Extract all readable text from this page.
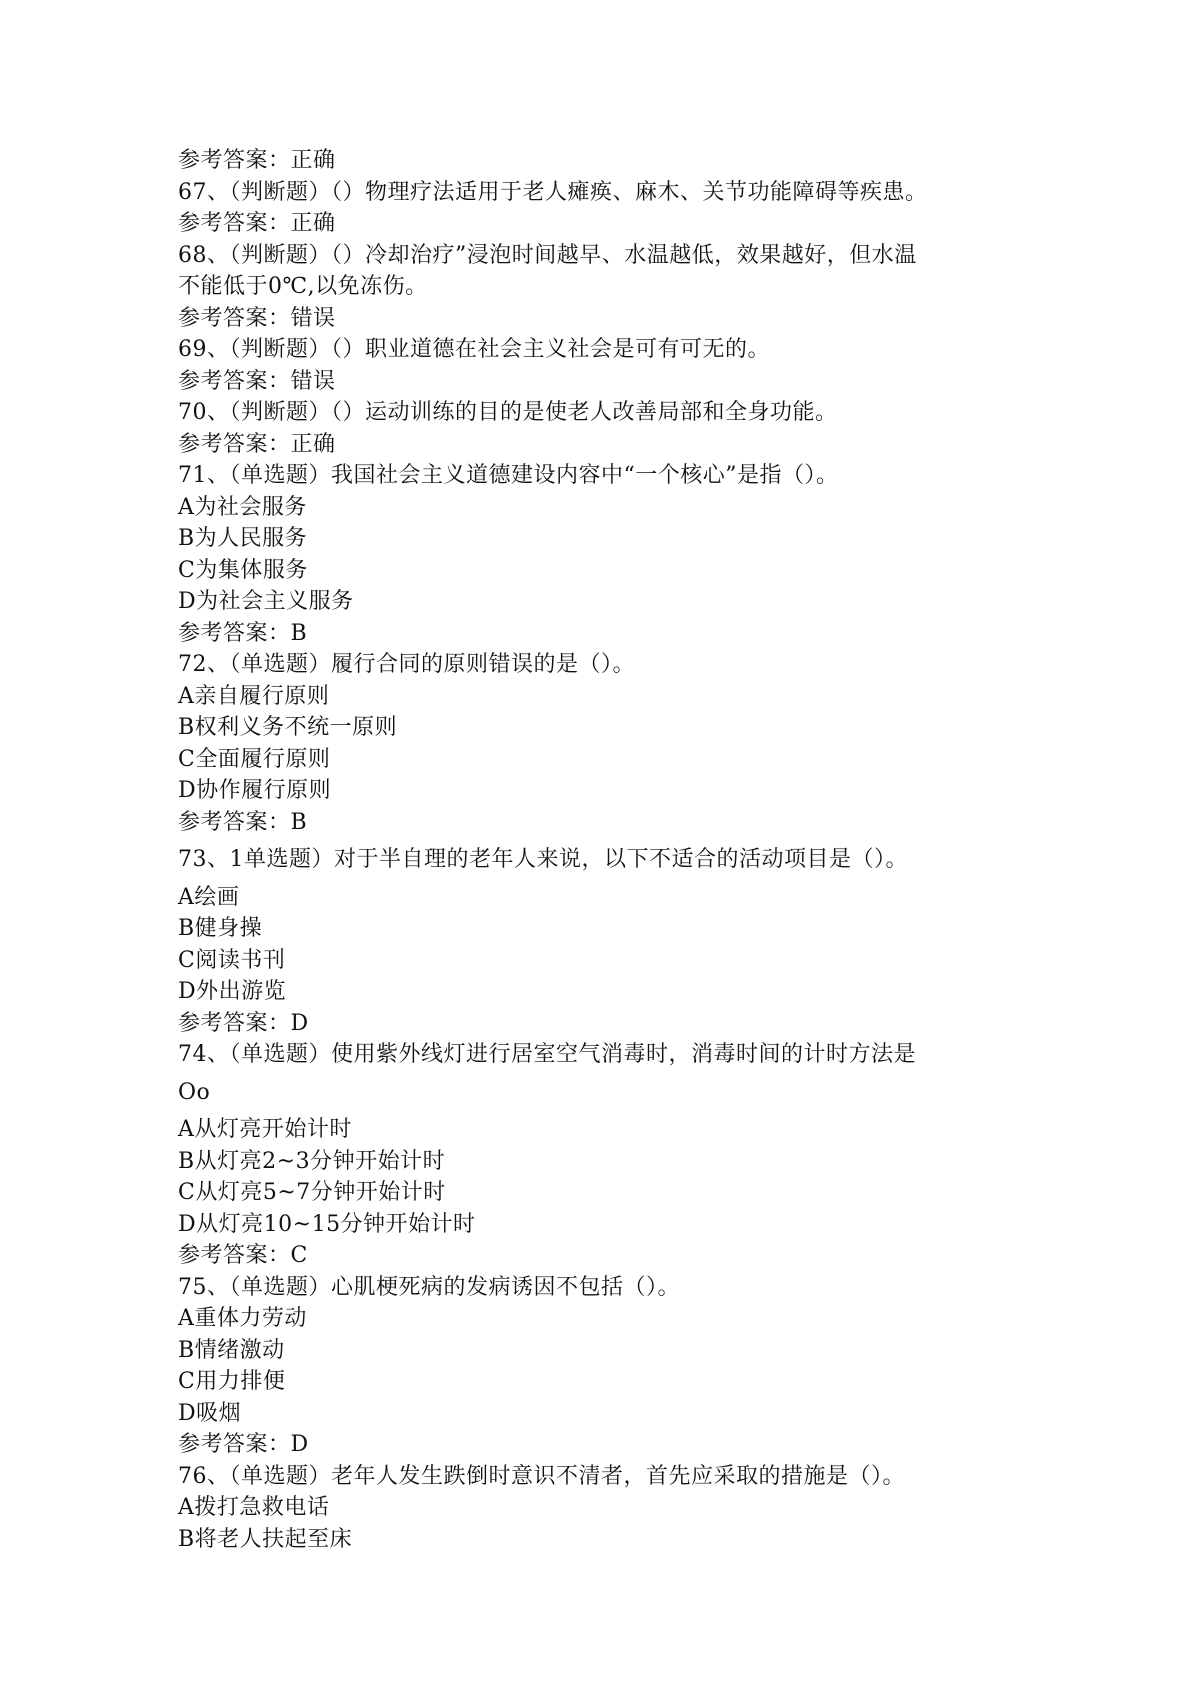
参考答案：正确
67、（判断题）（）物理疗法适用于老人瘫痪、麻木、关节功能障碍等疾患。
参考答案：正确
68、（判断题）（）冷却治疗”浸泡时间越早、水温越低，效果越好，但水温
不能低于0℃,以免冻伤。
参考答案：错误
69、（判断题）（）职业道德在社会主义社会是可有可无的。
参考答案：错误
70、（判断题）（）运动训练的目的是使老人改善局部和全身功能。
参考答案：正确
71、（单选题）我国社会主义道德建设内容中“一个核心”是指（）。
A为社会服务
B为人民服务
C为集体服务
D为社会主义服务
参考答案：B
72、（单选题）履行合同的原则错误的是（）。
A亲自履行原则
B权利义务不统一原则
C全面履行原则
D协作履行原则
参考答案：B
73、1单选题）对于半自理的老年人来说，以下不适合的活动项目是（）。
A绘画
B健身操
C阅读书刊
D外出游览
参考答案：D
74、（单选题）使用紫外线灯进行居室空气消毒时，消毒时间的计时方法是
Oo
A从灯亮开始计时
B从灯亮2~3分钟开始计时
C从灯亮5~7分钟开始计时
D从灯亮10~15分钟开始计时
参考答案：C
75、（单选题）心肌梗死病的发病诱因不包括（）。
A重体力劳动
B情绪激动
C用力排便
D吸烟
参考答案：D
76、（单选题）老年人发生跌倒时意识不清者，首先应采取的措施是（）。
A拨打急救电话
B将老人扶起至床
